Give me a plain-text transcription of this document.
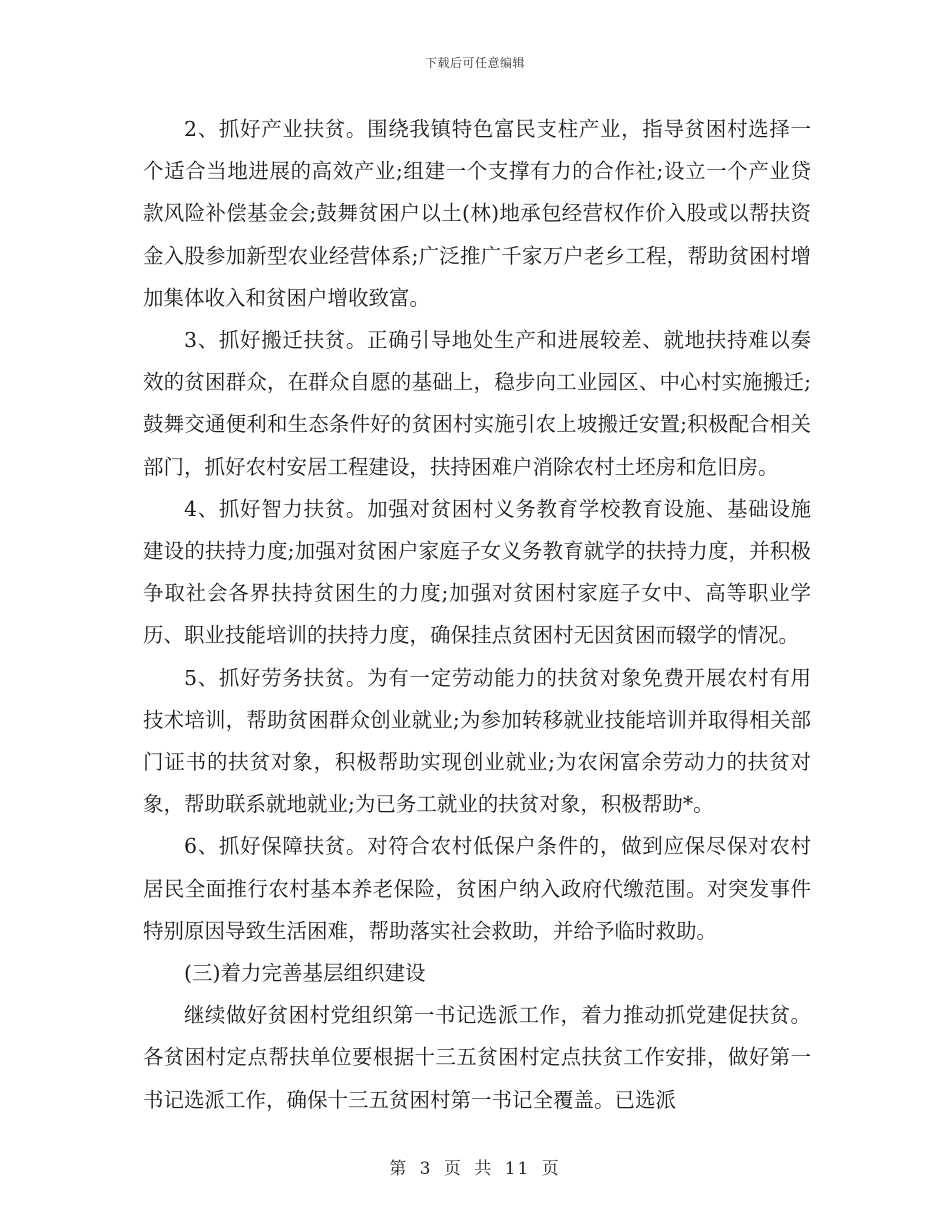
下载后可任意编辑

2、抓好产业扶贫。围绕我镇特色富民支柱产业，指导贫困村选择一个适合当地进展的高效产业;组建一个支撑有力的合作社;设立一个产业贷款风险补偿基金会;鼓舞贫困户以土(林)地承包经营权作价入股或以帮扶资金入股参加新型农业经营体系;广泛推广千家万户老乡工程，帮助贫困村增加集体收入和贫困户增收致富。

3、抓好搬迁扶贫。正确引导地处生产和进展较差、就地扶持难以奏效的贫困群众，在群众自愿的基础上，稳步向工业园区、中心村实施搬迁;鼓舞交通便利和生态条件好的贫困村实施引农上坡搬迁安置;积极配合相关部门，抓好农村安居工程建设，扶持困难户消除农村土坯房和危旧房。

4、抓好智力扶贫。加强对贫困村义务教育学校教育设施、基础设施建设的扶持力度;加强对贫困户家庭子女义务教育就学的扶持力度，并积极争取社会各界扶持贫困生的力度;加强对贫困村家庭子女中、高等职业学历、职业技能培训的扶持力度，确保挂点贫困村无因贫困而辍学的情况。

5、抓好劳务扶贫。为有一定劳动能力的扶贫对象免费开展农村有用技术培训，帮助贫困群众创业就业;为参加转移就业技能培训并取得相关部门证书的扶贫对象，积极帮助实现创业就业;为农闲富余劳动力的扶贫对象，帮助联系就地就业;为已务工就业的扶贫对象，积极帮助*。

6、抓好保障扶贫。对符合农村低保户条件的，做到应保尽保对农村居民全面推行农村基本养老保险，贫困户纳入政府代缴范围。对突发事件特别原因导致生活困难，帮助落实社会救助，并给予临时救助。

(三)着力完善基层组织建设

继续做好贫困村党组织第一书记选派工作，着力推动抓党建促扶贫。各贫困村定点帮扶单位要根据十三五贫困村定点扶贫工作安排，做好第一书记选派工作，确保十三五贫困村第一书记全覆盖。已选派

第 3 页 共 11 页
